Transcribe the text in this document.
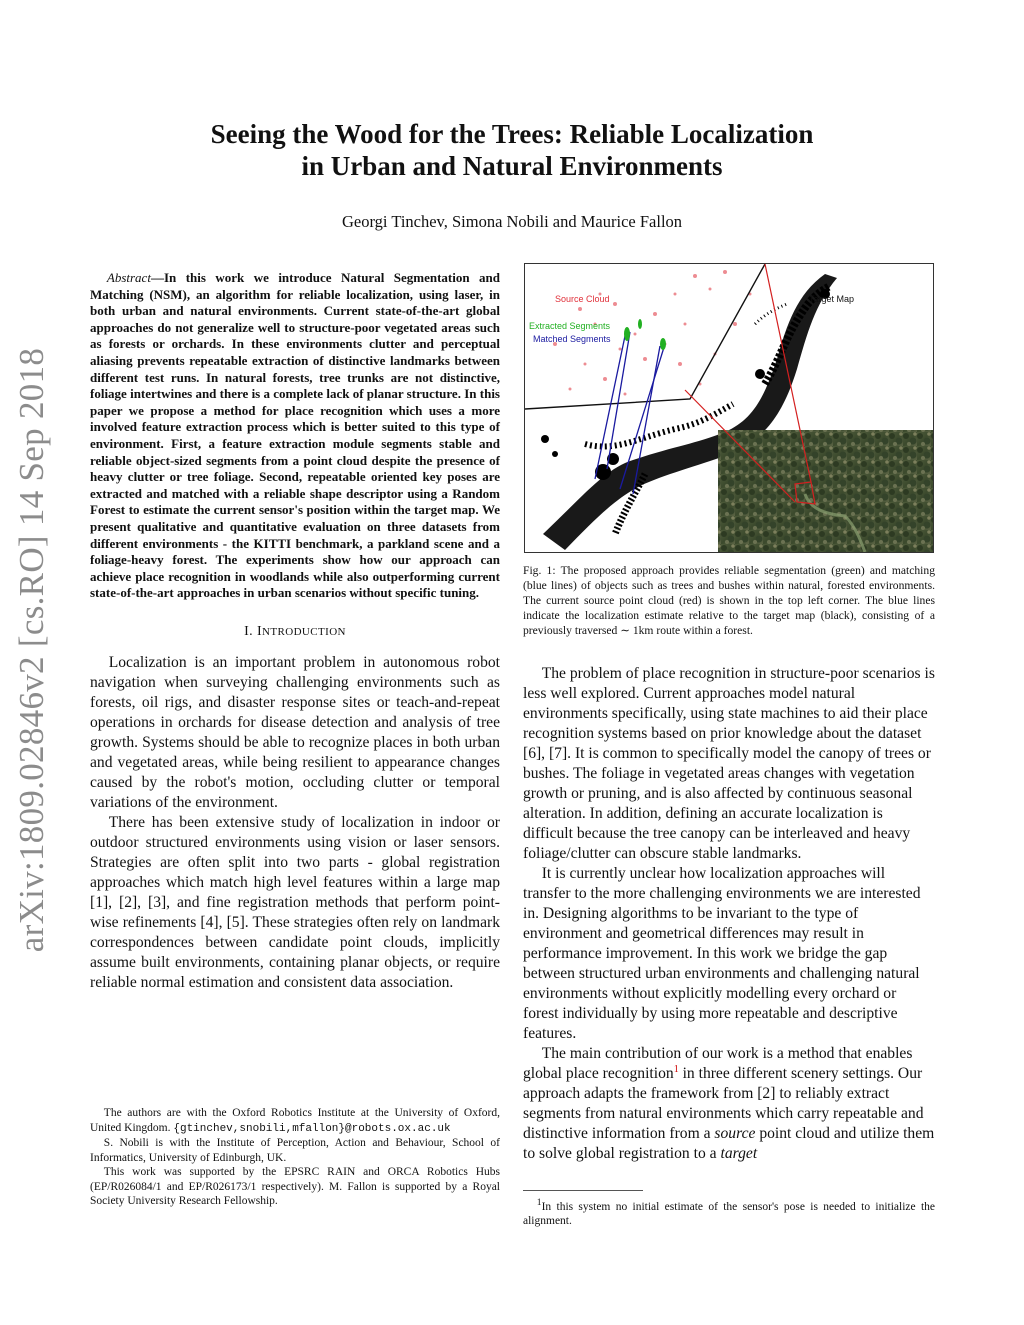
arXiv:1809.02846v2 [cs.RO] 14 Sep 2018
Seeing the Wood for the Trees: Reliable Localization
in Urban and Natural Environments
Georgi Tinchev, Simona Nobili and Maurice Fallon

Abstract—In this work we introduce Natural Segmentation and Matching (NSM), an algorithm for reliable localization, using laser, in both urban and natural environments. Current state-of-the-art global approaches do not generalize well to structure-poor vegetated areas such as forests or orchards. In these environments clutter and perceptual aliasing prevents repeatable extraction of distinctive landmarks between different test runs. In natural forests, tree trunks are not distinctive, foliage intertwines and there is a complete lack of planar structure. In this paper we propose a method for place recognition which uses a more involved feature extraction process which is better suited to this type of environment. First, a feature extraction module segments stable and reliable object-sized segments from a point cloud despite the presence of heavy clutter or tree foliage. Second, repeatable oriented key poses are extracted and matched with a reliable shape descriptor using a Random Forest to estimate the current sensor's position within the target map. We present qualitative and quantitative evaluation on three datasets from different environments - the KITTI benchmark, a parkland scene and a foliage-heavy forest. The experiments show how our approach can achieve place recognition in woodlands while also outperforming current state-of-the-art approaches in urban scenarios without specific tuning.

I. INTRODUCTION

Localization is an important problem in autonomous robot navigation when surveying challenging environments such as forests, oil rigs, and disaster response sites or teach-and-repeat operations in orchards for disease detection and analysis of tree growth. Systems should be able to recognize places in both urban and vegetated areas, while being resilient to appearance changes caused by the robot's motion, occluding clutter or temporal variations of the environment.

There has been extensive study of localization in indoor or outdoor structured environments using vision or laser sensors. Strategies are often split into two parts - global registration approaches which match high level features within a large map [1], [2], [3], and fine registration methods that perform point-wise refinements [4], [5]. These strategies often rely on landmark correspondences between candidate point clouds, implicitly assume built environments, containing planar objects, or require reliable normal estimation and consistent data association.

The authors are with the Oxford Robotics Institute at the University of Oxford, United Kingdom. {gtinchev,snobili,mfallon}@robots.ox.ac.uk

S. Nobili is with the Institute of Perception, Action and Behaviour, School of Informatics, University of Edinburgh, UK.

This work was supported by the EPSRC RAIN and ORCA Robotics Hubs (EP/R026084/1 and EP/R026173/1 respectively). M. Fallon is supported by a Royal Society University Research Fellowship.

Source Cloud	Target Map
Extracted Segments
Matched Segments

Fig. 1: The proposed approach provides reliable segmentation (green) and matching (blue lines) of objects such as trees and bushes within natural, forested environments. The current source point cloud (red) is shown in the top left corner. The blue lines indicate the localization estimate relative to the target map (black), consisting of a previously traversed ∼ 1km route within a forest.

The problem of place recognition in structure-poor scenarios is less well explored. Current approaches model natural environments specifically, using state machines to aid their place recognition systems based on prior knowledge about the dataset [6], [7]. It is common to specifically model the canopy of trees or bushes. The foliage in vegetated areas changes with vegetation growth or pruning, and is also affected by continuous seasonal alteration. In addition, defining an accurate localization is difficult because the tree canopy can be interleaved and heavy foliage/clutter can obscure stable landmarks.

It is currently unclear how localization approaches will transfer to the more challenging environments we are interested in. Designing algorithms to be invariant to the type of environment and geometrical differences may result in performance improvement. In this work we bridge the gap between structured urban environments and challenging natural environments without explicitly modelling every orchard or forest individually by using more repeatable and descriptive features.

The main contribution of our work is a method that enables global place recognition$^1$ in three different scenery settings. Our approach adapts the framework from [2] to reliably extract segments from natural environments which carry repeatable and distinctive information from a source point cloud and utilize them to solve global registration to a target

$^1$In this system no initial estimate of the sensor's pose is needed to initialize the alignment.
